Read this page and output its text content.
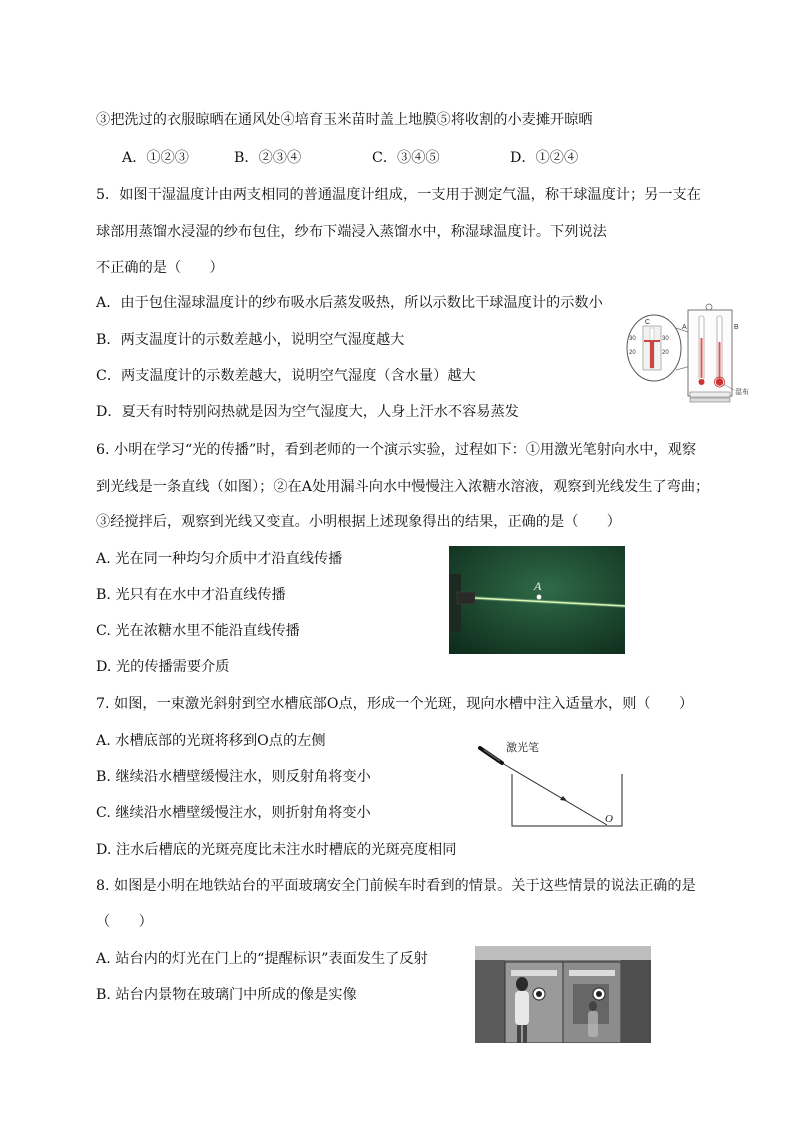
③把洗过的衣服晾晒在通风处④培育玉米苗时盖上地膜⑤将收割的小麦摊开晾晒
A．①②③	B．②③④	C．③④⑤	D．①②④
5．如图干湿温度计由两支相同的普通温度计组成，一支用于测定气温，称干球温度计；另一支在
球部用蒸馏水浸湿的纱布包住，纱布下端浸入蒸馏水中，称湿球温度计。下列说法
不正确的是（　　）
A．由于包住湿球温度计的纱布吸水后蒸发吸热，所以示数比干球温度计的示数小
B．两支温度计的示数差越小，说明空气湿度越大
C．两支温度计的示数差越大，说明空气湿度（含水量）越大
D．夏天有时特别闷热就是因为空气湿度大，人身上汗水不容易蒸发
C
30
20
30
20
A	B
湿布
6. 小明在学习“光的传播”时，看到老师的一个演示实验，过程如下：①用激光笔射向水中，观察
到光线是一条直线（如图）；②在A处用漏斗向水中慢慢注入浓糖水溶液，观察到光线发生了弯曲；
③经搅拌后，观察到光线又变直。小明根据上述现象得出的结果，正确的是（　　）
A. 光在同一种均匀介质中才沿直线传播
B. 光只有在水中才沿直线传播
C. 光在浓糖水里不能沿直线传播
D. 光的传播需要介质
A
7. 如图，一束激光斜射到空水槽底部O点，形成一个光斑，现向水槽中注入适量水，则（　　）
A. 水槽底部的光斑将移到O点的左侧
B. 继续沿水槽壁缓慢注水，则反射角将变小
C. 继续沿水槽壁缓慢注水，则折射角将变小
D. 注水后槽底的光斑亮度比未注水时槽底的光斑亮度相同
激光笔
O
8. 如图是小明在地铁站台的平面玻璃安全门前候车时看到的情景。关于这些情景的说法正确的是
（　　）
A. 站台内的灯光在门上的“提醒标识”表面发生了反射
B. 站台内景物在玻璃门中所成的像是实像
